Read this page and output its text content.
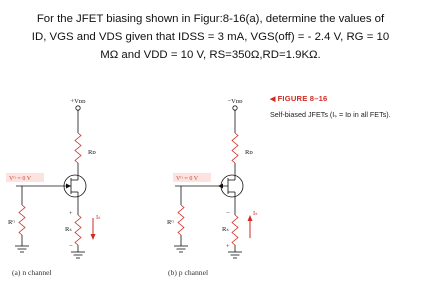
For the JFET biasing shown in Figur:8-16(a), determine the values of
ID, VGS and VDS given that IDSS = 3 mA, VGS(off) = - 2.4 V, RG = 10
MΩ and VDD = 10 V, RS=350Ω,RD=1.9KΩ.
+Vᴅᴅ
Rᴅ
Vᴳ = 0 V
Rᴳ
Rₛ
+
−
Iₛ
−Vᴅᴅ
Rᴅ
Vᴳ = 0 V
Rᴳ
Rₛ
−
+
Iₛ
◀ FIGURE 8–16
Self-biased JFETs (Iₛ = Iᴅ in all FETs).
(a) n channel	(b) p channel
